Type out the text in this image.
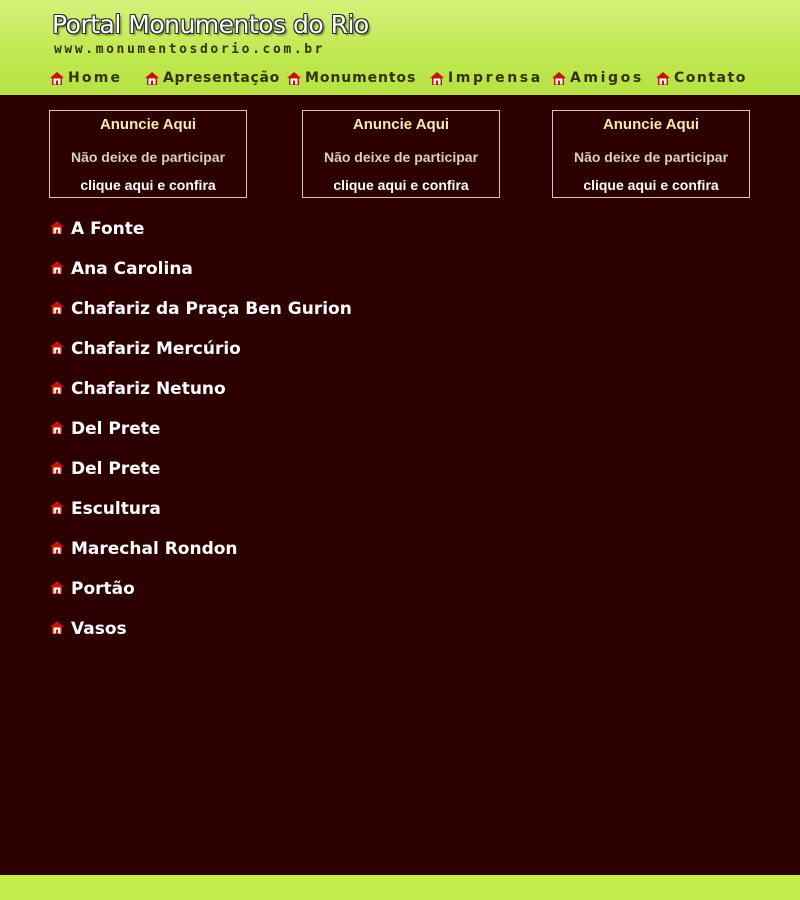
Portal Monumentos do Rio
www.monumentosdorio.com.br
Home	Apresentação Monumentos Imprensa Amigos Contato
Anuncie Aqui
Não deixe de participar
clique aqui e confira
Anuncie Aqui
Não deixe de participar
clique aqui e confira
Anuncie Aqui
Não deixe de participar
clique aqui e confira
A Fonte
Ana Carolina
Chafariz da Praça Ben Gurion
Chafariz Mercúrio
Chafariz Netuno
Del Prete
Del Prete
Escultura
Marechal Rondon
Portão
Vasos
